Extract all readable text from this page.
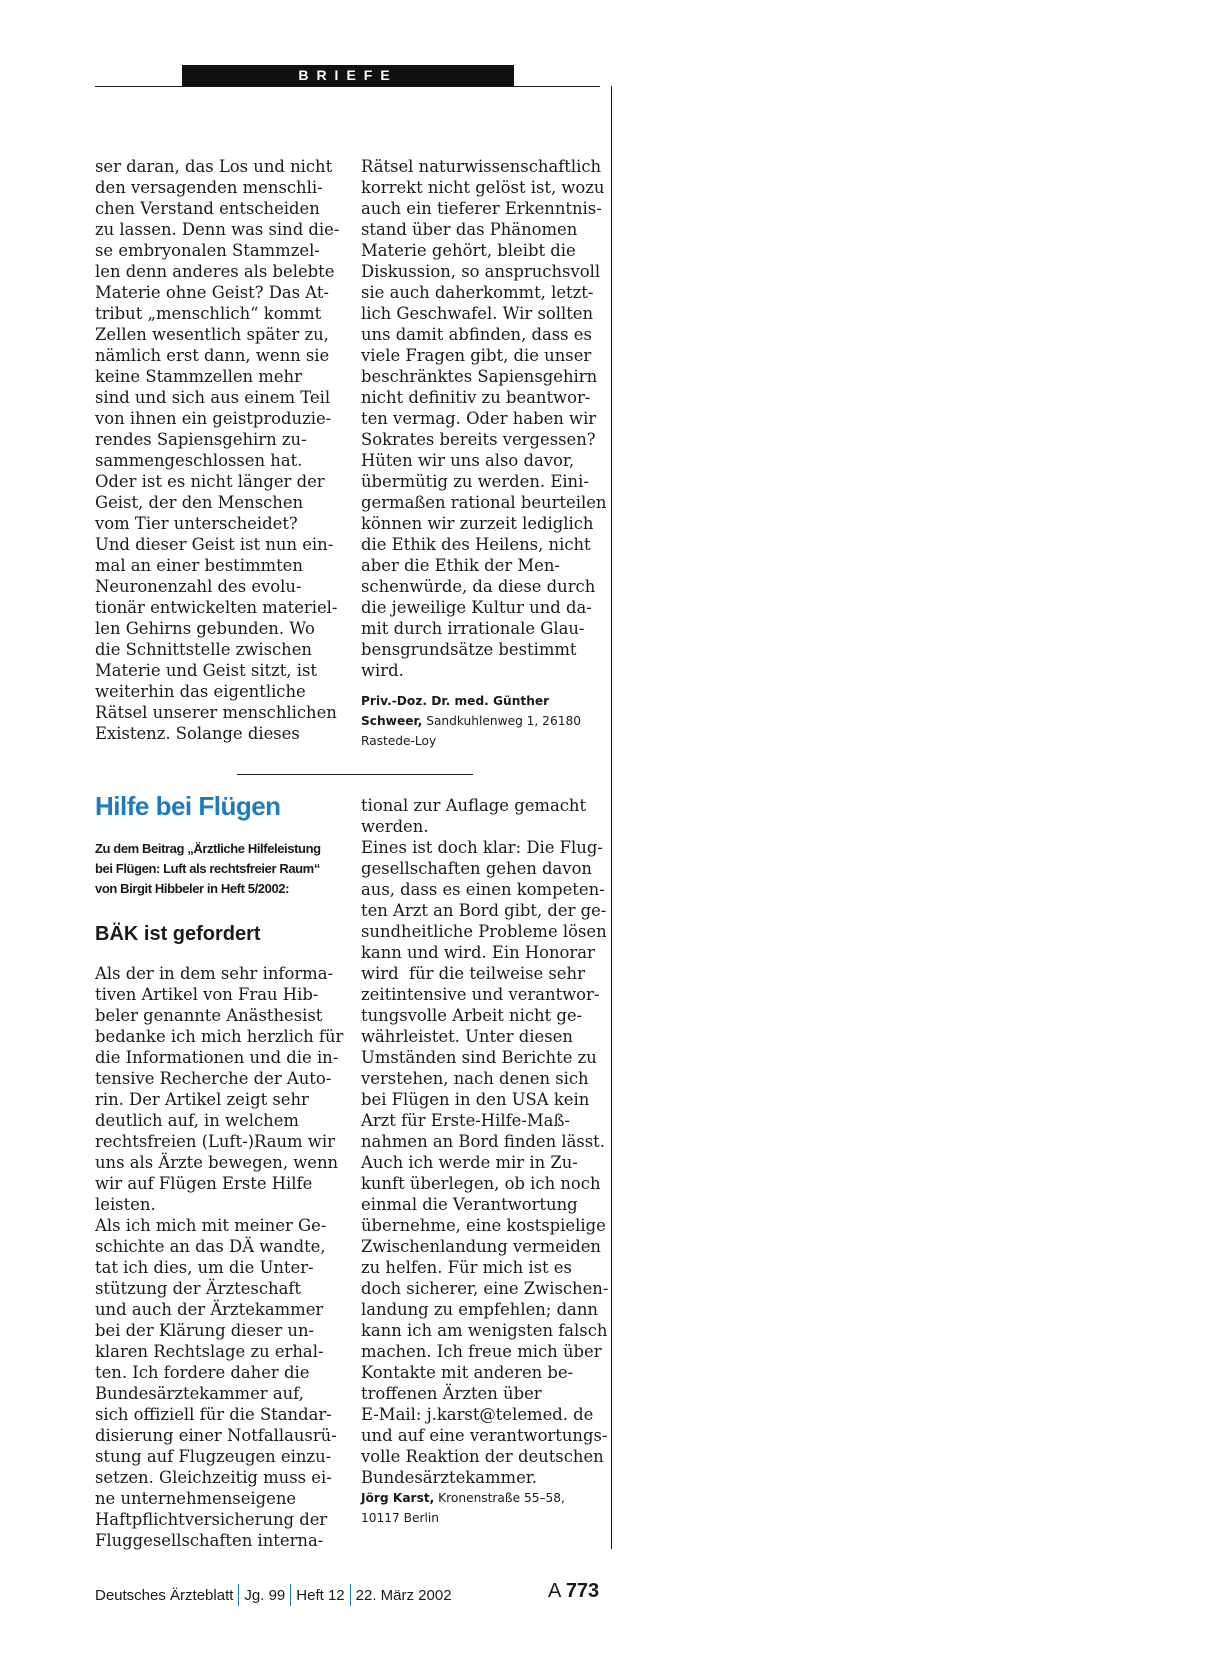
BRIEFE
ser daran, das Los und nicht
den versagenden menschli-
chen Verstand entscheiden
zu lassen. Denn was sind die-
se embryonalen Stammzel-
len denn anderes als belebte
Materie ohne Geist? Das At-
tribut „menschlich“ kommt
Zellen wesentlich später zu,
nämlich erst dann, wenn sie
keine Stammzellen mehr
sind und sich aus einem Teil
von ihnen ein geistproduzie-
rendes Sapiensgehirn zu-
sammengeschlossen hat.
Oder ist es nicht länger der
Geist, der den Menschen
vom Tier unterscheidet?
Und dieser Geist ist nun ein-
mal an einer bestimmten
Neuronenzahl des evolu-
tionär entwickelten materiel-
len Gehirns gebunden. Wo
die Schnittstelle zwischen
Materie und Geist sitzt, ist
weiterhin das eigentliche
Rätsel unserer menschlichen
Existenz. Solange dieses
Rätsel naturwissenschaftlich
korrekt nicht gelöst ist, wozu
auch ein tieferer Erkenntnis-
stand über das Phänomen
Materie gehört, bleibt die
Diskussion, so anspruchsvoll
sie auch daherkommt, letzt-
lich Geschwafel. Wir sollten
uns damit abfinden, dass es
viele Fragen gibt, die unser
beschränktes Sapiensgehirn
nicht definitiv zu beantwor-
ten vermag. Oder haben wir
Sokrates bereits vergessen?
Hüten wir uns also davor,
übermütig zu werden. Eini-
germaßen rational beurteilen
können wir zurzeit lediglich
die Ethik des Heilens, nicht
aber die Ethik der Men-
schenwürde, da diese durch
die jeweilige Kultur und da-
mit durch irrationale Glau-
bensgrundsätze bestimmt
wird.
Priv.-Doz. Dr. med. Günther
Schweer, Sandkuhlenweg 1, 26180
Rastede-Loy
Hilfe bei Flügen
Zu dem Beitrag „Ärztliche Hilfeleistung
bei Flügen: Luft als rechtsfreier Raum“
von Birgit Hibbeler in Heft 5/2002:
BÄK ist gefordert
Als der in dem sehr informa-
tiven Artikel von Frau Hib-
beler genannte Anästhesist
bedanke ich mich herzlich für
die Informationen und die in-
tensive Recherche der Auto-
rin. Der Artikel zeigt sehr
deutlich auf, in welchem
rechtsfreien (Luft-)Raum wir
uns als Ärzte bewegen, wenn
wir auf Flügen Erste Hilfe
leisten.
Als ich mich mit meiner Ge-
schichte an das DÄ wandte,
tat ich dies, um die Unter-
stützung der Ärzteschaft
und auch der Ärztekammer
bei der Klärung dieser un-
klaren Rechtslage zu erhal-
ten. Ich fordere daher die
Bundesärztekammer auf,
sich offiziell für die Standar-
disierung einer Notfallausrü-
stung auf Flugzeugen einzu-
setzen. Gleichzeitig muss ei-
ne unternehmenseigene
Haftpflichtversicherung der
Fluggesellschaften interna-
tional zur Auflage gemacht
werden.
Eines ist doch klar: Die Flug-
gesellschaften gehen davon
aus, dass es einen kompeten-
ten Arzt an Bord gibt, der ge-
sundheitliche Probleme lösen
kann und wird. Ein Honorar
wird  für die teilweise sehr
zeitintensive und verantwor-
tungsvolle Arbeit nicht ge-
währleistet. Unter diesen
Umständen sind Berichte zu
verstehen, nach denen sich
bei Flügen in den USA kein
Arzt für Erste-Hilfe-Maß-
nahmen an Bord finden lässt.
Auch ich werde mir in Zu-
kunft überlegen, ob ich noch
einmal die Verantwortung
übernehme, eine kostspielige
Zwischenlandung vermeiden
zu helfen. Für mich ist es
doch sicherer, eine Zwischen-
landung zu empfehlen; dann
kann ich am wenigsten falsch
machen. Ich freue mich über
Kontakte mit anderen be-
troffenen Ärzten über
E-Mail: j.karst@telemed. de
und auf eine verantwortungs-
volle Reaktion der deutschen
Bundesärztekammer.
Jörg Karst, Kronenstraße 55–58,
10117 Berlin
Deutsches Ärzteblatt Jg. 99 Heft 12 22. März 2002	A 773
